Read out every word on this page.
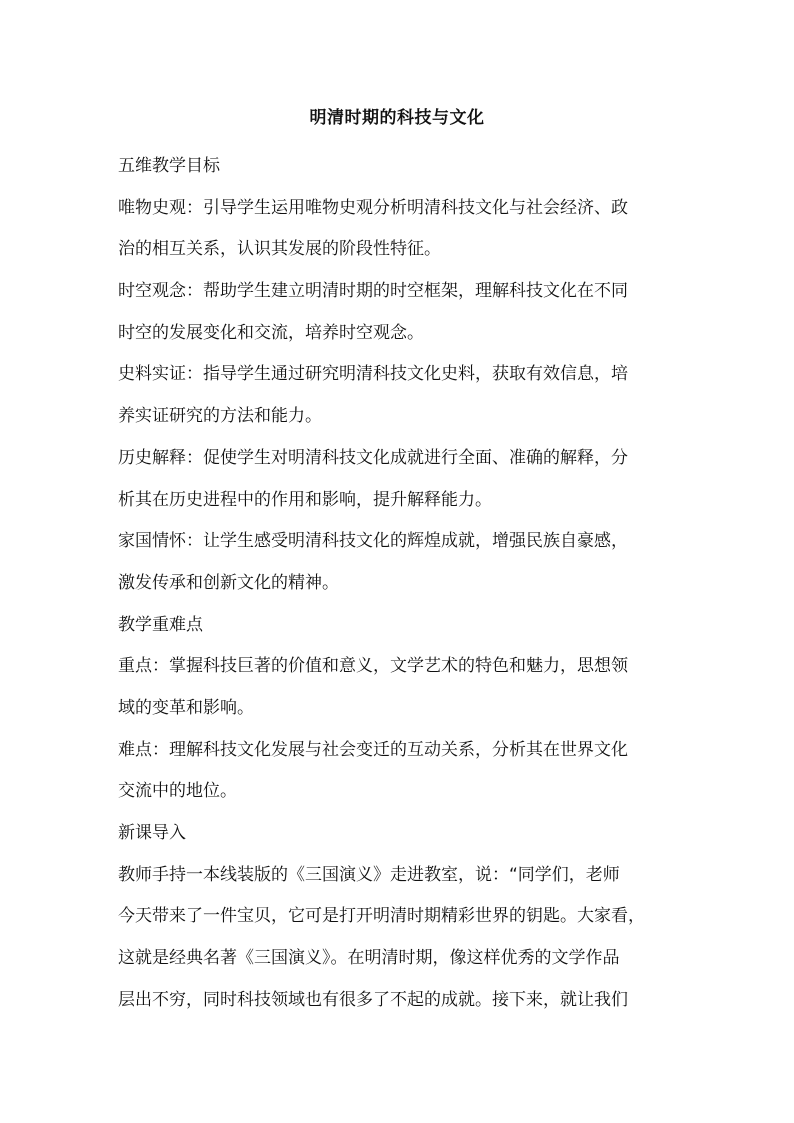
明清时期的科技与文化

五维教学目标

唯物史观：引导学生运用唯物史观分析明清科技文化与社会经济、政

治的相互关系，认识其发展的阶段性特征。

时空观念：帮助学生建立明清时期的时空框架，理解科技文化在不同

时空的发展变化和交流，培养时空观念。

史料实证：指导学生通过研究明清科技文化史料，获取有效信息，培

养实证研究的方法和能力。

历史解释：促使学生对明清科技文化成就进行全面、准确的解释，分

析其在历史进程中的作用和影响，提升解释能力。

家国情怀：让学生感受明清科技文化的辉煌成就，增强民族自豪感，

激发传承和创新文化的精神。

教学重难点

重点：掌握科技巨著的价值和意义，文学艺术的特色和魅力，思想领

域的变革和影响。

难点：理解科技文化发展与社会变迁的互动关系，分析其在世界文化

交流中的地位。

新课导入

教师手持一本线装版的《三国演义》走进教室，说：“同学们，老师

今天带来了一件宝贝，它可是打开明清时期精彩世界的钥匙。大家看，

这就是经典名著《三国演义》。在明清时期，像这样优秀的文学作品

层出不穷，同时科技领域也有很多了不起的成就。接下来，就让我们
